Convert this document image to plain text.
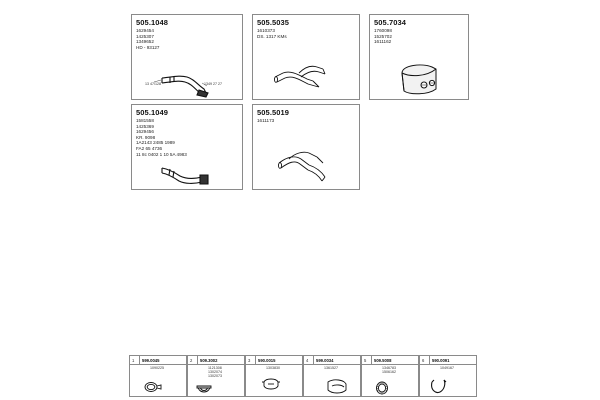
505.1048
1629454
1425307
1349652
HD - 93127
13 47/128	1349 27 27
505.5035
1610373
DS. 1317 KMs
505.7034
1760098
1525702
1611162
505.1049
1581558
1425369
1629456
KR. 9098
1A2143 2485 1989
FA2 65 4736
11 8c 0402 1 10 5A 4983
505.5019
1611173
1 599.0045
1090225
2 509.3002
1121308
1302074
1302073
3 590.0015
1303830
4 599.0034
1361527
5 509.5008
1346783
1506162
6 590.0091
1049167
